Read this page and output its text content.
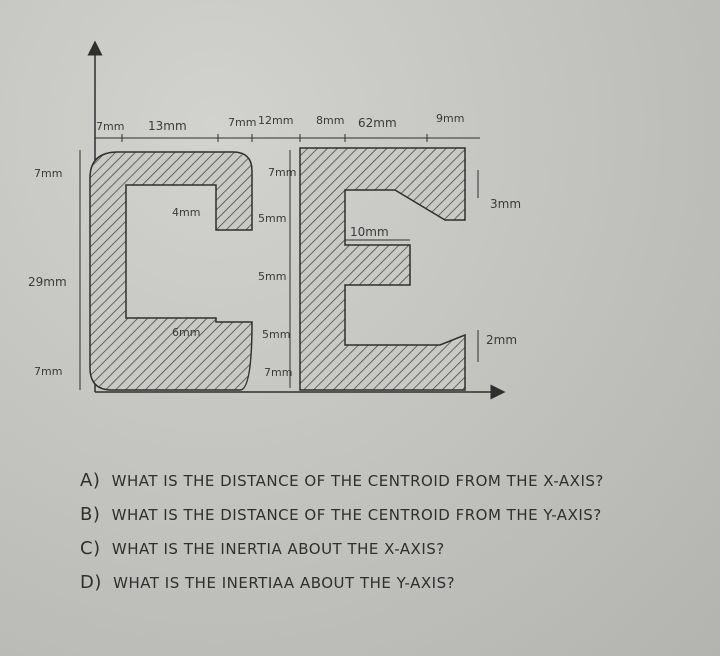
7mm 13mm	7mm 12mm 8mm 62mm	9mm
7mm
29mm
7mm
4mm
6mm
7mm
5mm
5mm
5mm
7mm
10mm
3mm
2mm
A) WHAT IS THE DISTANCE OF THE CENTROID FROM THE X-AXIS?
B) WHAT IS THE DISTANCE OF THE CENTROID FROM THE Y-AXIS?
C) WHAT IS THE INERTIA ABOUT THE X-AXIS?
D) WHAT IS THE INERTIAA ABOUT THE Y-AXIS?
